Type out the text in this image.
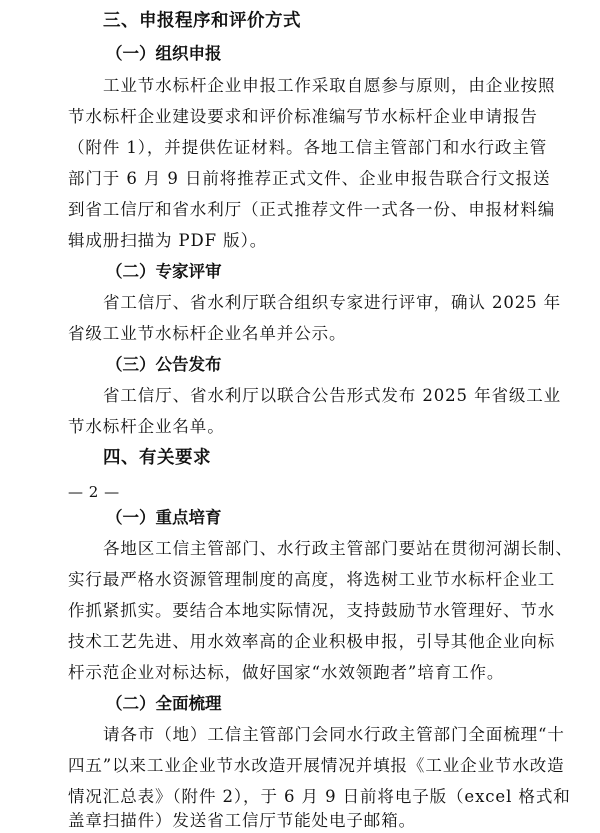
三、申报程序和评价方式
（一）组织申报
工业节水标杆企业申报工作采取自愿参与原则，由企业按照
节水标杆企业建设要求和评价标准编写节水标杆企业申请报告
（附件 1），并提供佐证材料。各地工信主管部门和水行政主管
部门于 6 月 9 日前将推荐正式文件、企业申报告联合行文报送
到省工信厅和省水利厅（正式推荐文件一式各一份、申报材料编
辑成册扫描为 PDF 版）。
（二）专家评审
省工信厅、省水利厅联合组织专家进行评审，确认 2025 年
省级工业节水标杆企业名单并公示。
（三）公告发布
省工信厅、省水利厅以联合公告形式发布 2025 年省级工业
节水标杆企业名单。
四、有关要求
— 2 —
（一）重点培育
各地区工信主管部门、水行政主管部门要站在贯彻河湖长制、
实行最严格水资源管理制度的高度，将选树工业节水标杆企业工
作抓紧抓实。要结合本地实际情况，支持鼓励节水管理好、节水
技术工艺先进、用水效率高的企业积极申报，引导其他企业向标
杆示范企业对标达标，做好国家“水效领跑者”培育工作。
（二）全面梳理
请各市（地）工信主管部门会同水行政主管部门全面梳理“十
四五”以来工业企业节水改造开展情况并填报《工业企业节水改造
情况汇总表》（附件 2），于 6 月 9 日前将电子版（excel 格式和
盖章扫描件）发送省工信厅节能处电子邮箱。
